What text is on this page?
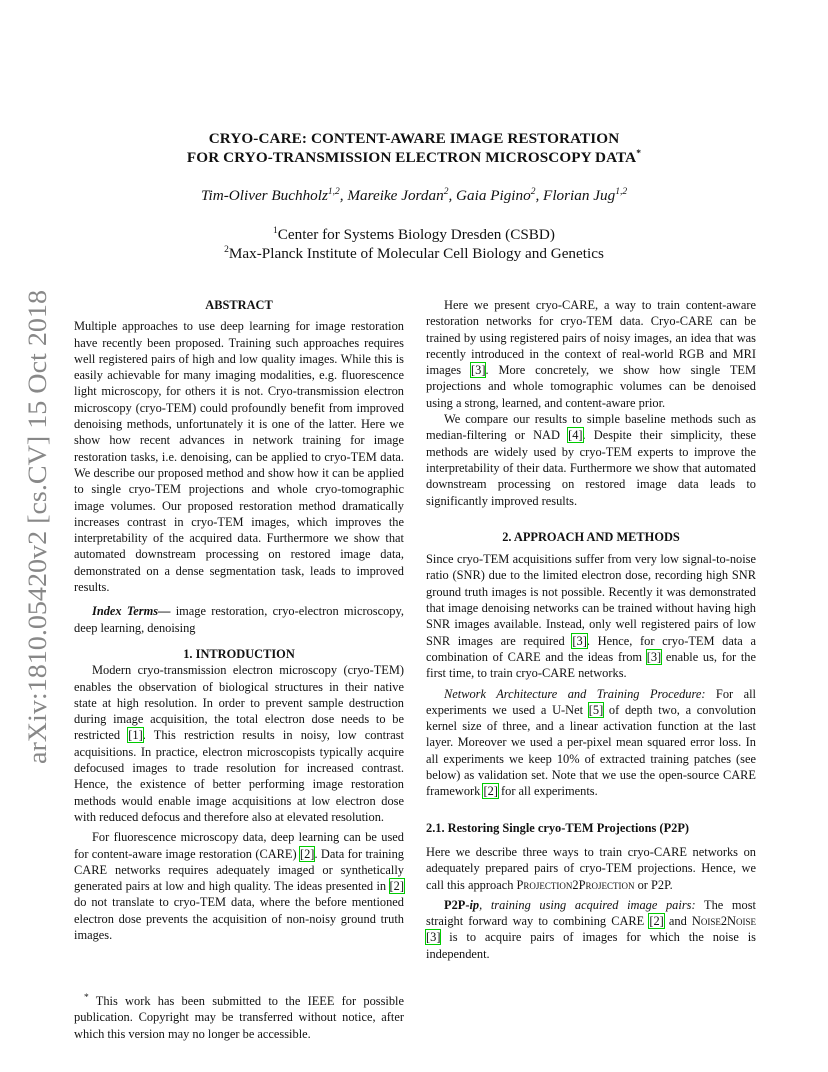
arXiv:1810.05420v2 [cs.CV] 15 Oct 2018
CRYO-CARE: CONTENT-AWARE IMAGE RESTORATION
FOR CRYO-TRANSMISSION ELECTRON MICROSCOPY DATA*
Tim-Oliver Buchholz$^{1,2}$, Mareike Jordan$^2$, Gaia Pigino$^2$, Florian Jug$^{1,2}$
$^1$Center for Systems Biology Dresden (CSBD)
$^2$Max-Planck Institute of Molecular Cell Biology and Genetics
ABSTRACT

Multiple approaches to use deep learning for image restoration have recently been proposed. Training such approaches requires well registered pairs of high and low quality images. While this is easily achievable for many imaging modalities, e.g. fluorescence light microscopy, for others it is not. Cryo-transmission electron microscopy (cryo-TEM) could profoundly benefit from improved denoising methods, unfortunately it is one of the latter. Here we show how recent advances in network training for image restoration tasks, i.e. denoising, can be applied to cryo-TEM data. We describe our proposed method and show how it can be applied to single cryo-TEM projections and whole cryo-tomographic image volumes. Our proposed restoration method dramatically increases contrast in cryo-TEM images, which improves the interpretability of the acquired data. Furthermore we show that automated downstream processing on restored image data, demonstrated on a dense segmentation task, leads to improved results.

Index Terms— image restoration, cryo-electron microscopy, deep learning, denoising

1. INTRODUCTION

Modern cryo-transmission electron microscopy (cryo-TEM) enables the observation of biological structures in their native state at high resolution. In order to prevent sample destruction during image acquisition, the total electron dose needs to be restricted [1]. This restriction results in noisy, low contrast acquisitions. In practice, electron microscopists typically acquire defocused images to trade resolution for increased contrast. Hence, the existence of better performing image restoration methods would enable image acquisitions at low electron dose with reduced defocus and therefore also at elevated resolution.

For fluorescence microscopy data, deep learning can be used for content-aware image restoration (CARE) [2]. Data for training CARE networks requires adequately imaged or synthetically generated pairs at low and high quality. The ideas presented in [2] do not translate to cryo-TEM data, where the before mentioned electron dose prevents the acquisition of non-noisy ground truth images.

* This work has been submitted to the IEEE for possible publication. Copyright may be transferred without notice, after which this version may no longer be accessible.

Here we present cryo-CARE, a way to train content-aware restoration networks for cryo-TEM data. Cryo-CARE can be trained by using registered pairs of noisy images, an idea that was recently introduced in the context of real-world RGB and MRI images [3]. More concretely, we show how single TEM projections and whole tomographic volumes can be denoised using a strong, learned, and content-aware prior.

We compare our results to simple baseline methods such as median-filtering or NAD [4]. Despite their simplicity, these methods are widely used by cryo-TEM experts to improve the interpretability of their data. Furthermore we show that automated downstream processing on restored image data leads to significantly improved results.

2. APPROACH AND METHODS

Since cryo-TEM acquisitions suffer from very low signal-to-noise ratio (SNR) due to the limited electron dose, recording high SNR ground truth images is not possible. Recently it was demonstrated that image denoising networks can be trained without having high SNR images available. Instead, only well registered pairs of low SNR images are required [3]. Hence, for cryo-TEM data a combination of CARE and the ideas from [3] enable us, for the first time, to train cryo-CARE networks.

Network Architecture and Training Procedure: For all experiments we used a U-Net [5] of depth two, a convolution kernel size of three, and a linear activation function at the last layer. Moreover we used a per-pixel mean squared error loss. In all experiments we keep 10% of extracted training patches (see below) as validation set. Note that we use the open-source CARE framework [2] for all experiments.

2.1. Restoring Single cryo-TEM Projections (P2P)

Here we describe three ways to train cryo-CARE networks on adequately prepared pairs of cryo-TEM projections. Hence, we call this approach Projection2Projection or P2P.

P2P-ip, training using acquired image pairs: The most straight forward way to combining CARE [2] and Noise2Noise [3] is to acquire pairs of images for which the noise is independent.
